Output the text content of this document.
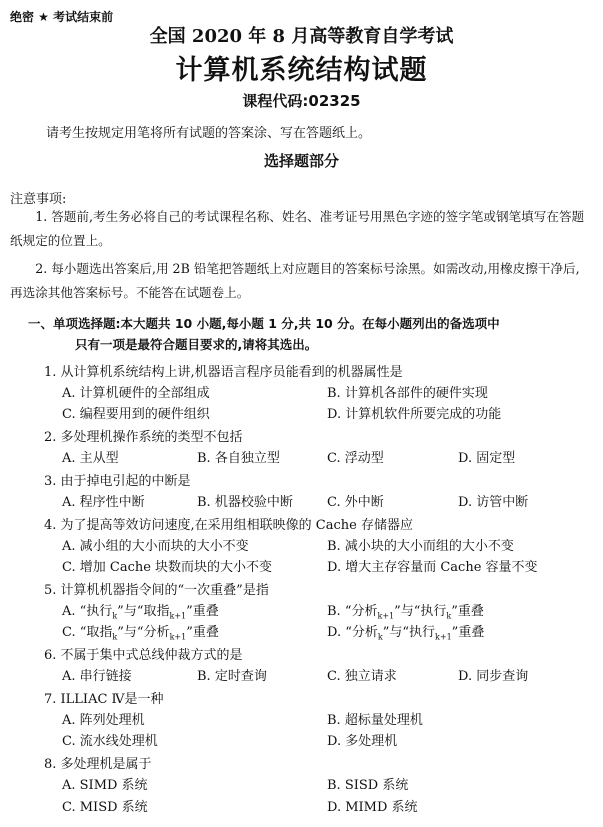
绝密 ★ 考试结束前
全国 2020 年 8 月高等教育自学考试
计算机系统结构试题
课程代码:02325
请考生按规定用笔将所有试题的答案涂、写在答题纸上。
选择题部分
注意事项:
1. 答题前,考生务必将自己的考试课程名称、姓名、准考证号用黑色字迹的签字笔或钢笔填写在答题纸规定的位置上。
2. 每小题选出答案后,用 2B 铅笔把答题纸上对应题目的答案标号涂黑。如需改动,用橡皮擦干净后,再选涂其他答案标号。不能答在试题卷上。
一、单项选择题:本大题共 10 小题,每小题 1 分,共 10 分。在每小题列出的备选项中
只有一项是最符合题目要求的,请将其选出。
1. 从计算机系统结构上讲,机器语言程序员能看到的机器属性是
A. 计算机硬件的全部组成	B. 计算机各部件的硬件实现
C. 编程要用到的硬件组织	D. 计算机软件所要完成的功能
2. 多处理机操作系统的类型不包括
A. 主从型	B. 各自独立型	C. 浮动型	D. 固定型
3. 由于掉电引起的中断是
A. 程序性中断	B. 机器校验中断	C. 外中断	D. 访管中断
4. 为了提高等效访问速度,在采用组相联映像的 Cache 存储器应
A. 减小组的大小而块的大小不变	B. 减小块的大小而组的大小不变
C. 增加 Cache 块数而块的大小不变	D. 增大主存容量而 Cache 容量不变
5. 计算机机器指令间的“一次重叠”是指
A. “执行$_k$”与“取指$_{k+1}$”重叠	B. “分析$_{k+1}$”与“执行$_k$”重叠
C. “取指$_k$”与“分析$_{k+1}$”重叠	D. “分析$_k$”与“执行$_{k+1}$”重叠
6. 不属于集中式总线仲裁方式的是
A. 串行链接	B. 定时查询	C. 独立请求	D. 同步查询
7. ILLIAC Ⅳ是一种
A. 阵列处理机	B. 超标量处理机
C. 流水线处理机	D. 多处理机
8. 多处理机是属于
A. SIMD 系统	B. SISD 系统
C. MISD 系统	D. MIMD 系统
